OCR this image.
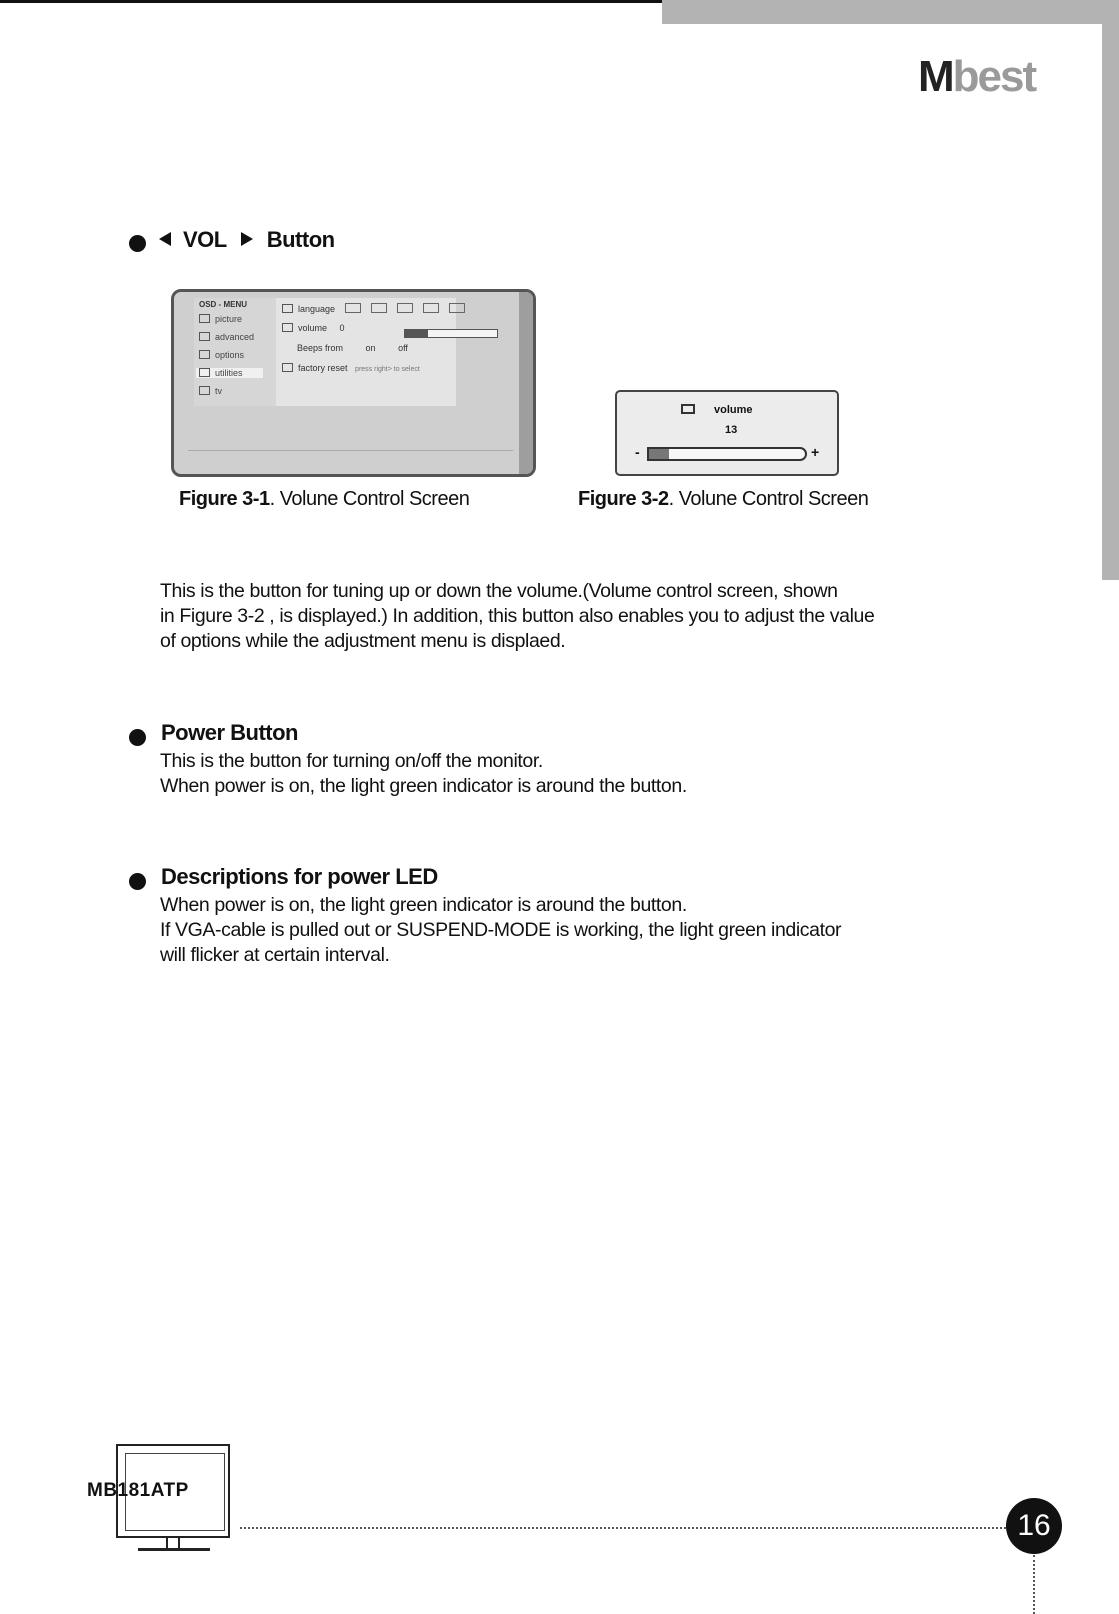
Mbest
VOL Button
OSD - MENU
picture
advanced
options
utilities
tv
language
volume 0
Beeps from	on	off
factory reset press right> to select
Figure 3-1. Volune Control Screen
volume
13
-	+
Figure 3-2. Volune Control Screen
This is the button for tuning up or down the volume.(Volume control screen, shown
in Figure 3-2 , is displayed.) In addition, this button also enables you to adjust the value
of options while the adjustment menu is displaed.
Power Button
This is the button for turning on/off the monitor.
When power is on, the light green indicator is around the button.
Descriptions for power LED
When power is on, the light green indicator is around the button.
If VGA-cable is pulled out or SUSPEND-MODE is working, the light green indicator
will flicker at certain interval.
MB181ATP
16
